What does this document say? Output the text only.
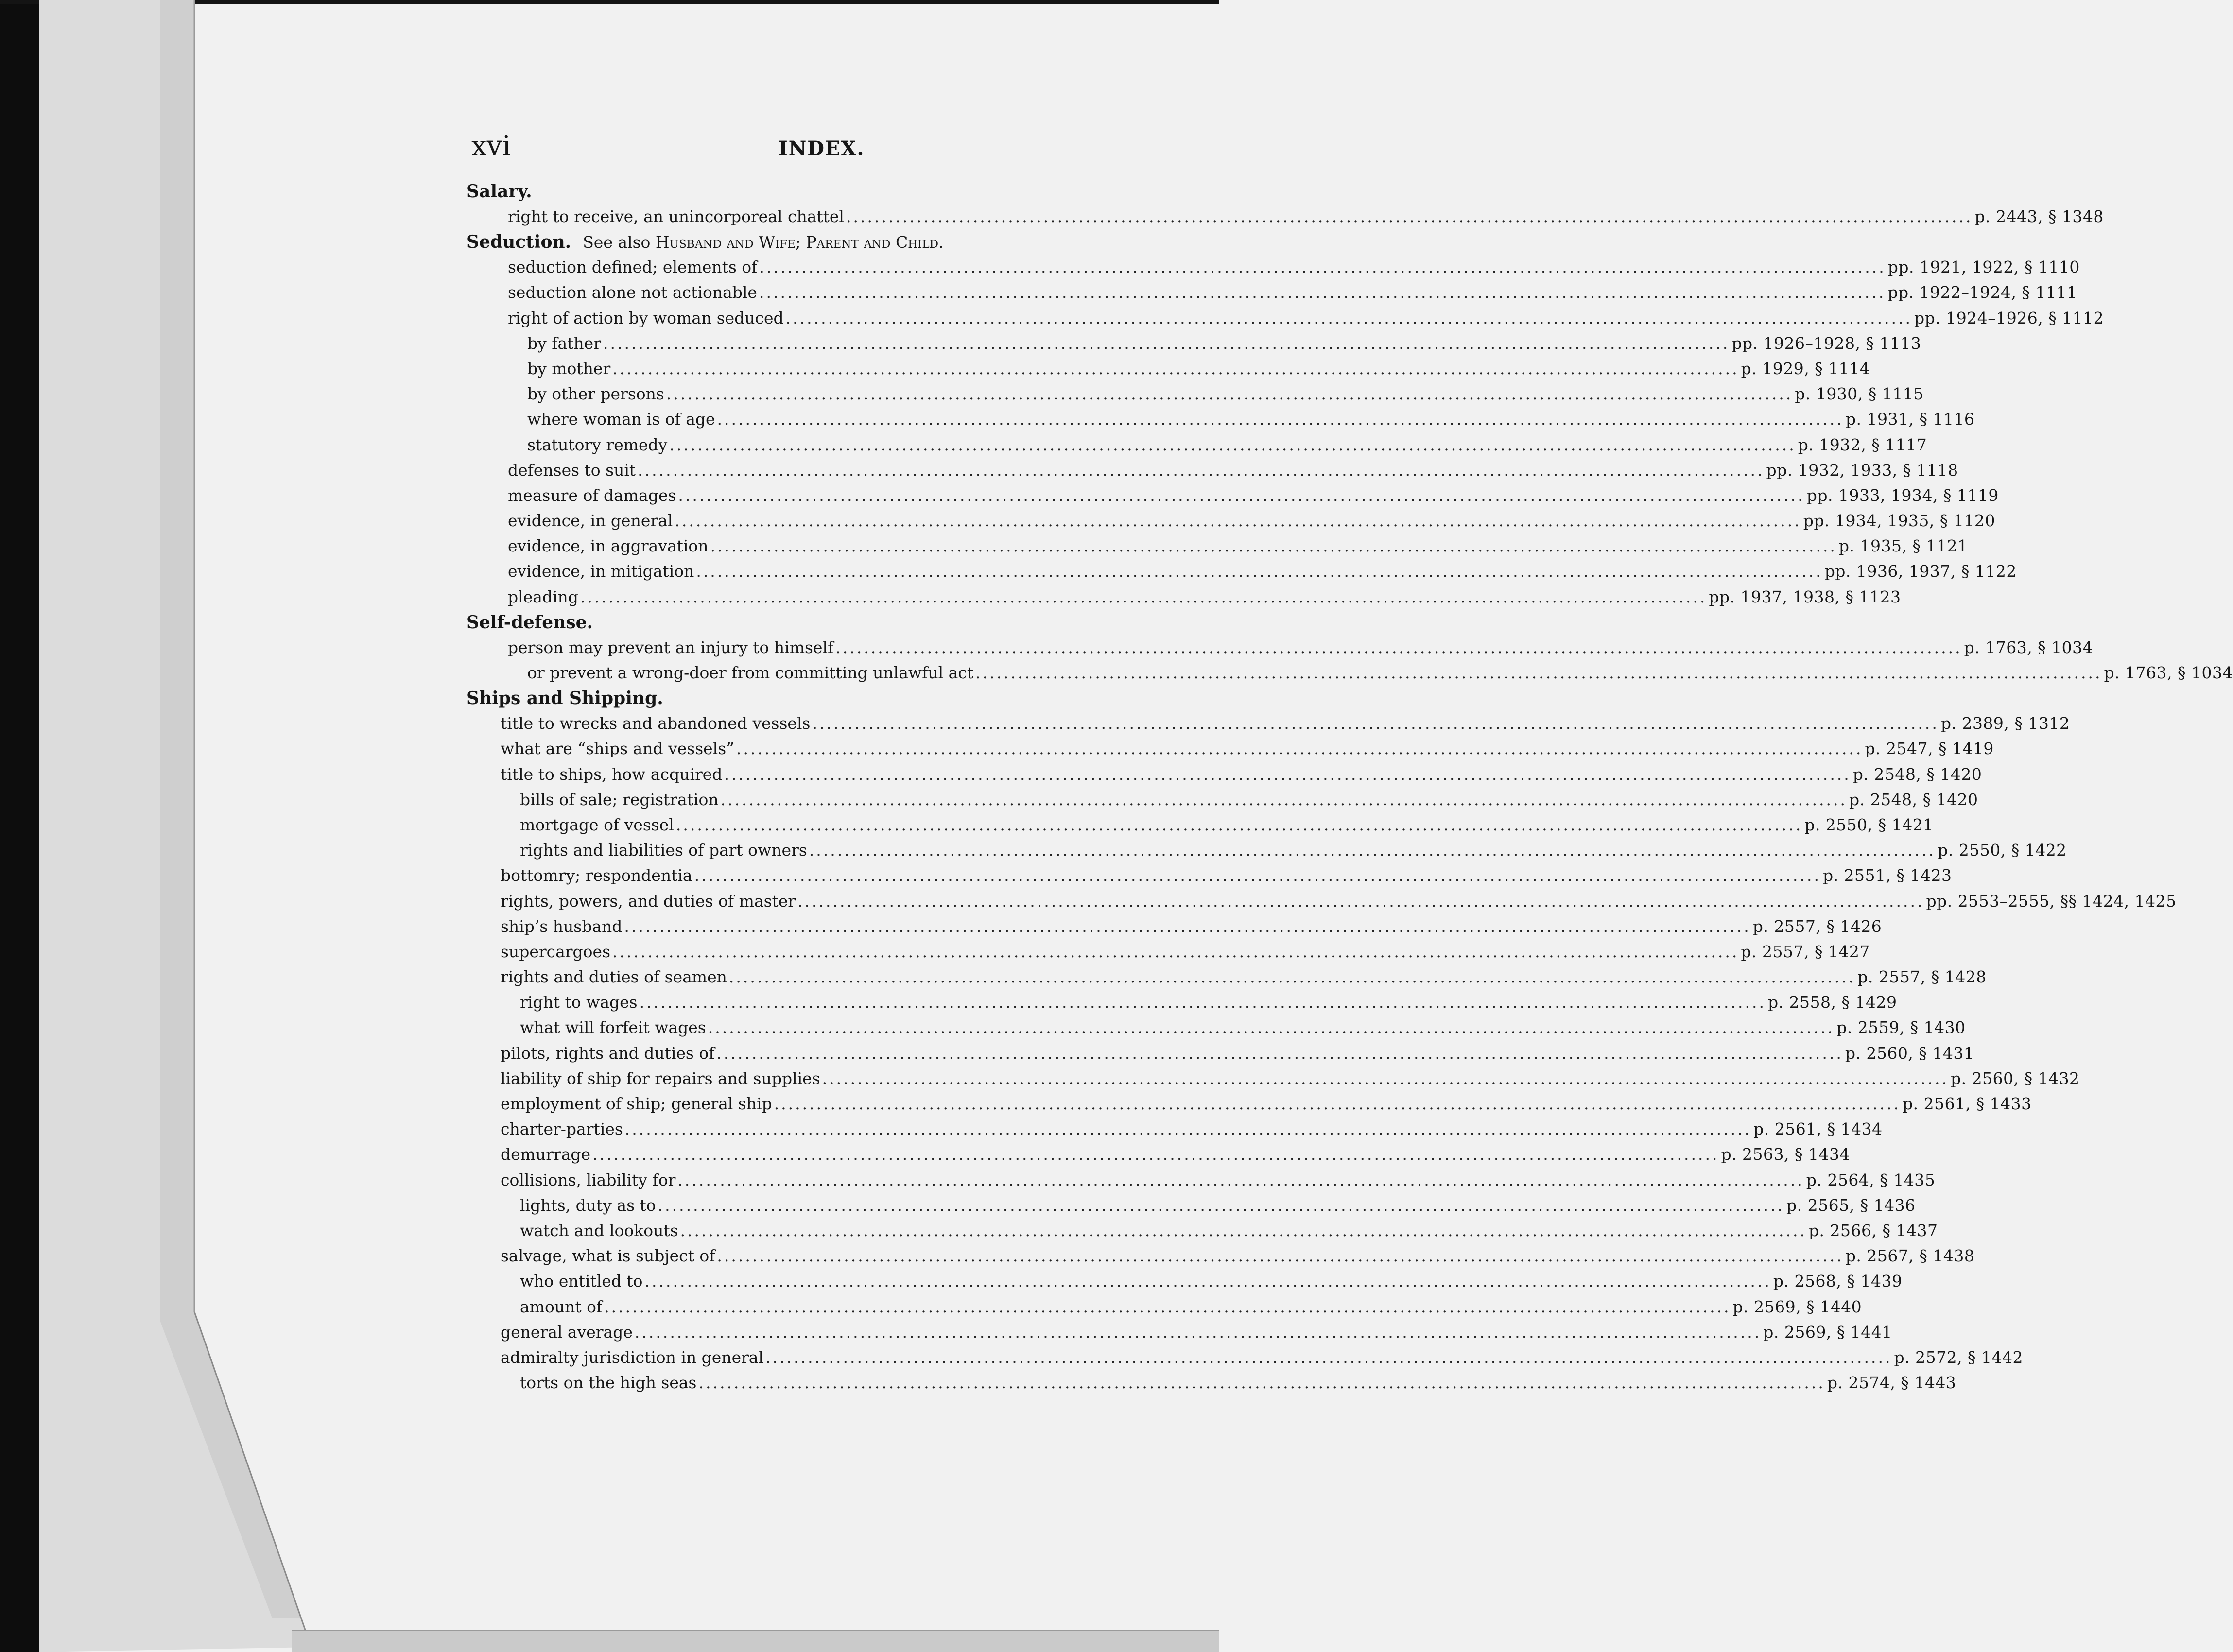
xvi	INDEX.
Salary.
right to receive, an unincorporeal chattel ................................................................................................................................................................ p. 2443, § 1348
Seduction. See also Husband and Wife; Parent and Child.
seduction defined; elements of ................................................................................................................................................................ pp. 1921, 1922, § 1110
seduction alone not actionable ................................................................................................................................................................ pp. 1922–1924, § 1111
right of action by woman seduced ................................................................................................................................................................ pp. 1924–1926, § 1112
by father ................................................................................................................................................................ pp. 1926–1928, § 1113
by mother ................................................................................................................................................................ p. 1929, § 1114
by other persons ................................................................................................................................................................ p. 1930, § 1115
where woman is of age ................................................................................................................................................................ p. 1931, § 1116
statutory remedy ................................................................................................................................................................ p. 1932, § 1117
defenses to suit ................................................................................................................................................................ pp. 1932, 1933, § 1118
measure of damages ................................................................................................................................................................ pp. 1933, 1934, § 1119
evidence, in general ................................................................................................................................................................ pp. 1934, 1935, § 1120
evidence, in aggravation ................................................................................................................................................................ p. 1935, § 1121
evidence, in mitigation ................................................................................................................................................................ pp. 1936, 1937, § 1122
pleading ................................................................................................................................................................ pp. 1937, 1938, § 1123
Self-defense.
person may prevent an injury to himself ................................................................................................................................................................ p. 1763, § 1034
or prevent a wrong-doer from committing unlawful act ................................................................................................................................................................ p. 1763, § 1034
Ships and Shipping.
title to wrecks and abandoned vessels ................................................................................................................................................................ p. 2389, § 1312
what are “ships and vessels” ................................................................................................................................................................ p. 2547, § 1419
title to ships, how acquired ................................................................................................................................................................ p. 2548, § 1420
bills of sale; registration ................................................................................................................................................................ p. 2548, § 1420
mortgage of vessel ................................................................................................................................................................ p. 2550, § 1421
rights and liabilities of part owners ................................................................................................................................................................ p. 2550, § 1422
bottomry; respondentia ................................................................................................................................................................ p. 2551, § 1423
rights, powers, and duties of master ................................................................................................................................................................ pp. 2553–2555, §§ 1424, 1425
ship’s husband ................................................................................................................................................................ p. 2557, § 1426
supercargoes ................................................................................................................................................................ p. 2557, § 1427
rights and duties of seamen ................................................................................................................................................................ p. 2557, § 1428
right to wages ................................................................................................................................................................ p. 2558, § 1429
what will forfeit wages ................................................................................................................................................................ p. 2559, § 1430
pilots, rights and duties of ................................................................................................................................................................ p. 2560, § 1431
liability of ship for repairs and supplies ................................................................................................................................................................ p. 2560, § 1432
employment of ship; general ship ................................................................................................................................................................ p. 2561, § 1433
charter-parties ................................................................................................................................................................ p. 2561, § 1434
demurrage ................................................................................................................................................................ p. 2563, § 1434
collisions, liability for ................................................................................................................................................................ p. 2564, § 1435
lights, duty as to ................................................................................................................................................................ p. 2565, § 1436
watch and lookouts ................................................................................................................................................................ p. 2566, § 1437
salvage, what is subject of ................................................................................................................................................................ p. 2567, § 1438
who entitled to ................................................................................................................................................................ p. 2568, § 1439
amount of ................................................................................................................................................................ p. 2569, § 1440
general average ................................................................................................................................................................ p. 2569, § 1441
admiralty jurisdiction in general ................................................................................................................................................................ p. 2572, § 1442
torts on the high seas ................................................................................................................................................................ p. 2574, § 1443
